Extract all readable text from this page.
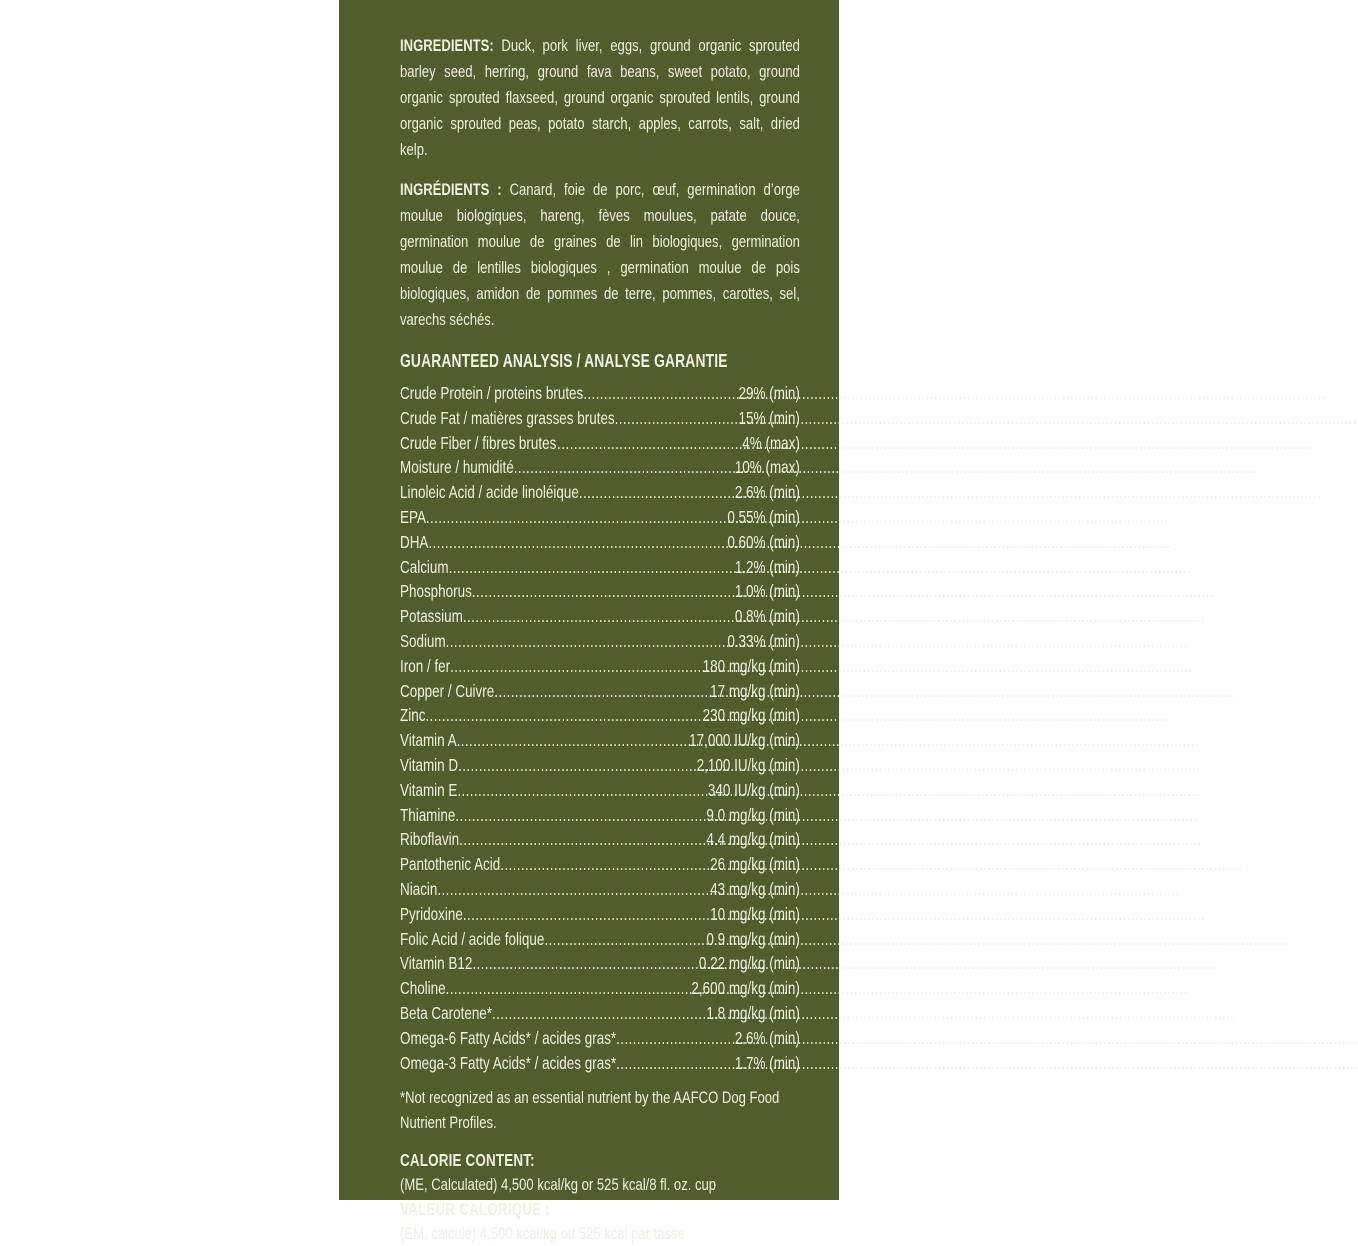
INGREDIENTS: Duck, pork liver, eggs, ground organic sprouted barley seed, herring, ground fava beans, sweet potato, ground organic sprouted flaxseed, ground organic sprouted lentils, ground organic sprouted peas, potato starch, apples, carrots, salt, dried kelp.

INGRÉDIENTS : Canard, foie de porc, œuf, germination d’orge moulue biologiques, hareng, fèves moulues, patate douce, germination moulue de graines de lin biologiques, germination moulue de lentilles biologiques , germination moulue de pois biologiques, amidon de pommes de terre, pommes, carottes, sel, varechs séchés.

GUARANTEED ANALYSIS / ANALYSE GARANTIE
Crude Protein / proteins brutes .....	29% (min)
Crude Fat / matières grasses brutes .....	15% (min)
Crude Fiber / fibres brutes… .....	4% (max)
Moisture / humidité .....	10% (max)
Linoleic Acid / acide linoléique .....	2.6% (min)
EPA .....	0.55% (min)
DHA .....	0.60% (min)
Calcium .....	1.2% (min)
Phosphorus .....	1.0% (min)
Potassium .....	0.8% (min)
Sodium .....	0.33% (min)
Iron / fer .....	180 mg/kg (min)
Copper / Cuivre .....	17 mg/kg (min)
Zinc .....	230 mg/kg (min)
Vitamin A .....	17,000 IU/kg (min)
Vitamin D .....	2,100 IU/kg (min)
Vitamin E .....	340 IU/kg (min)
Thiamine .....	9.0 mg/kg (min)
Riboflavin .....	4.4 mg/kg (min)
Pantothenic Acid .....	26 mg/kg (min)
Niacin .....	43 mg/kg (min)
Pyridoxine .....	10 mg/kg (min)
Folic Acid / acide folique .....	0.9 mg/kg (min)
Vitamin B12 .....	0.22 mg/kg (min)
Choline .....	2,600 mg/kg (min)
Beta Carotene* .....	1.8 mg/kg (min)
Omega-6 Fatty Acids* / acides gras* .....	2.6% (min)
Omega-3 Fatty Acids* / acides gras* .....	1.7% (min)

*Not recognized as an essential nutrient by the AAFCO Dog Food Nutrient Profiles.

CALORIE CONTENT:
(ME, Calculated) 4,500 kcal/kg or 525 kcal/8 fl. oz. cup
VALEUR CALORIQUE :
(EM, calculé) 4,500 kcal/kg ou 525 kcal par tasse
